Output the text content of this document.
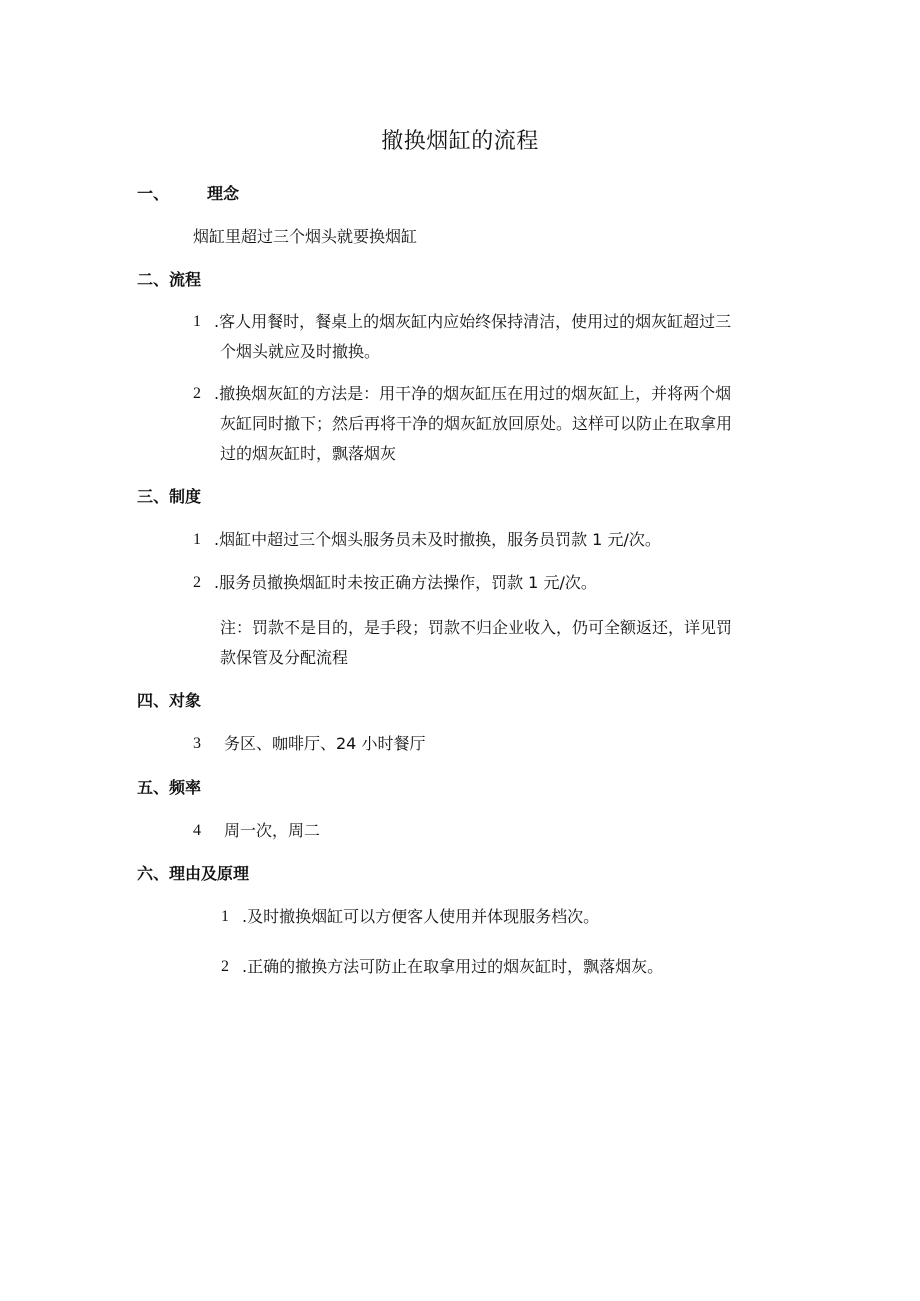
撤换烟缸的流程
一、 理念
烟缸里超过三个烟头就要换烟缸
二、流程
1 .客人用餐时，餐桌上的烟灰缸内应始终保持清洁，使用过的烟灰缸超过三
个烟头就应及时撤换。
2 .撤换烟灰缸的方法是：用干净的烟灰缸压在用过的烟灰缸上，并将两个烟
灰缸同时撤下；然后再将干净的烟灰缸放回原处。这样可以防止在取拿用
过的烟灰缸时，飘落烟灰
三、制度
1 .烟缸中超过三个烟头服务员未及时撤换，服务员罚款 1 元/次。
2 .服务员撤换烟缸时未按正确方法操作，罚款 1 元/次。
注：罚款不是目的，是手段；罚款不归企业收入，仍可全额返还，详见罚
款保管及分配流程
四、对象
3 务区、咖啡厅、24 小时餐厅
五、频率
4 周一次，周二
六、理由及原理
1 .及时撤换烟缸可以方便客人使用并体现服务档次。
2 .正确的撤换方法可防止在取拿用过的烟灰缸时，飘落烟灰。
